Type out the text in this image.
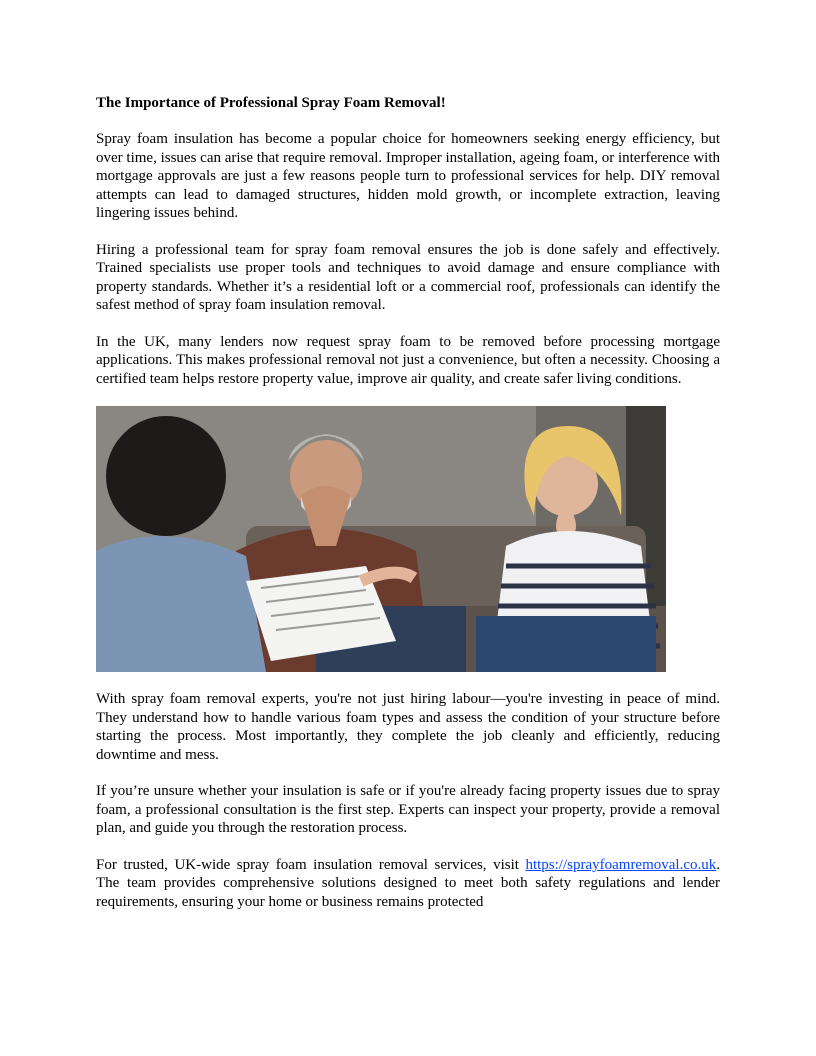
The Importance of Professional Spray Foam Removal!

Spray foam insulation has become a popular choice for homeowners seeking energy efficiency, but over time, issues can arise that require removal. Improper installation, ageing foam, or interference with mortgage approvals are just a few reasons people turn to professional services for help. DIY removal attempts can lead to damaged structures, hidden mold growth, or incomplete extraction, leaving lingering issues behind.

Hiring a professional team for spray foam removal ensures the job is done safely and effectively. Trained specialists use proper tools and techniques to avoid damage and ensure compliance with property standards. Whether it’s a residential loft or a commercial roof, professionals can identify the safest method of spray foam insulation removal.

In the UK, many lenders now request spray foam to be removed before processing mortgage applications. This makes professional removal not just a convenience, but often a necessity. Choosing a certified team helps restore property value, improve air quality, and create safer living conditions.

With spray foam removal experts, you're not just hiring labour—you're investing in peace of mind. They understand how to handle various foam types and assess the condition of your structure before starting the process. Most importantly, they complete the job cleanly and efficiently, reducing downtime and mess.

If you’re unsure whether your insulation is safe or if you're already facing property issues due to spray foam, a professional consultation is the first step. Experts can inspect your property, provide a removal plan, and guide you through the restoration process.

For trusted, UK-wide spray foam insulation removal services, visit https://sprayfoamremoval.co.uk. The team provides comprehensive solutions designed to meet both safety regulations and lender requirements, ensuring your home or business remains protected
